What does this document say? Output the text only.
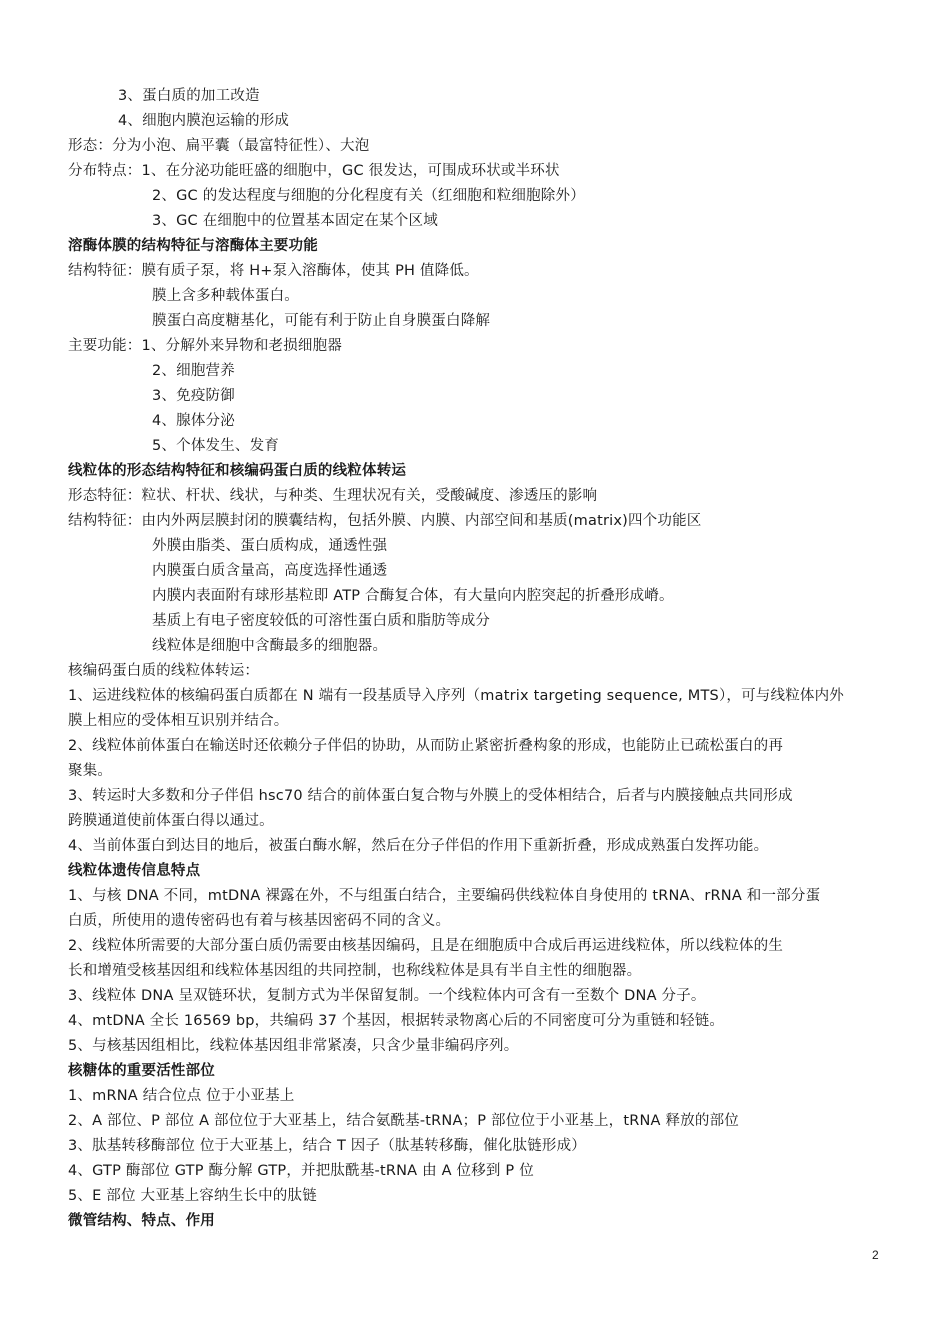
3、蛋白质的加工改造
4、细胞内膜泡运输的形成
形态：分为小泡、扁平囊（最富特征性）、大泡
分布特点：1、在分泌功能旺盛的细胞中，GC 很发达，可围成环状或半环状
2、GC 的发达程度与细胞的分化程度有关（红细胞和粒细胞除外）
3、GC 在细胞中的位置基本固定在某个区域
溶酶体膜的结构特征与溶酶体主要功能
结构特征：膜有质子泵，将 H+泵入溶酶体，使其 PH 值降低。
膜上含多种载体蛋白。
膜蛋白高度糖基化，可能有利于防止自身膜蛋白降解
主要功能：1、分解外来异物和老损细胞器
2、细胞营养
3、免疫防御
4、腺体分泌
5、个体发生、发育
线粒体的形态结构特征和核编码蛋白质的线粒体转运
形态特征：粒状、杆状、线状，与种类、生理状况有关，受酸碱度、渗透压的影响
结构特征：由内外两层膜封闭的膜囊结构，包括外膜、内膜、内部空间和基质(matrix)四个功能区
外膜由脂类、蛋白质构成，通透性强
内膜蛋白质含量高，高度选择性通透
内膜内表面附有球形基粒即 ATP 合酶复合体，有大量向内腔突起的折叠形成嵴。
基质上有电子密度较低的可溶性蛋白质和脂肪等成分
线粒体是细胞中含酶最多的细胞器。
核编码蛋白质的线粒体转运：
1、运进线粒体的核编码蛋白质都在 N 端有一段基质导入序列（matrix targeting sequence, MTS），可与线粒体内外
膜上相应的受体相互识别并结合。
2、线粒体前体蛋白在输送时还依赖分子伴侣的协助，从而防止紧密折叠构象的形成，也能防止已疏松蛋白的再
聚集。
3、转运时大多数和分子伴侣 hsc70 结合的前体蛋白复合物与外膜上的受体相结合，后者与内膜接触点共同形成
跨膜通道使前体蛋白得以通过。
4、当前体蛋白到达目的地后，被蛋白酶水解，然后在分子伴侣的作用下重新折叠，形成成熟蛋白发挥功能。
线粒体遗传信息特点
1、与核 DNA 不同，mtDNA 裸露在外，不与组蛋白结合，主要编码供线粒体自身使用的 tRNA、rRNA 和一部分蛋
白质，所使用的遗传密码也有着与核基因密码不同的含义。
2、线粒体所需要的大部分蛋白质仍需要由核基因编码，且是在细胞质中合成后再运进线粒体，所以线粒体的生
长和增殖受核基因组和线粒体基因组的共同控制，也称线粒体是具有半自主性的细胞器。
3、线粒体 DNA 呈双链环状，复制方式为半保留复制。一个线粒体内可含有一至数个 DNA 分子。
4、mtDNA 全长 16569 bp，共编码 37 个基因，根据转录物离心后的不同密度可分为重链和轻链。
5、与核基因组相比，线粒体基因组非常紧凑，只含少量非编码序列。
核糖体的重要活性部位
1、mRNA 结合位点 位于小亚基上
2、A 部位、P 部位 A 部位位于大亚基上，结合氨酰基-tRNA；P 部位位于小亚基上，tRNA 释放的部位
3、肽基转移酶部位 位于大亚基上，结合 T 因子（肽基转移酶，催化肽链形成）
4、GTP 酶部位 GTP 酶分解 GTP，并把肽酰基-tRNA 由 A 位移到 P 位
5、E 部位 大亚基上容纳生长中的肽链
微管结构、特点、作用
2
